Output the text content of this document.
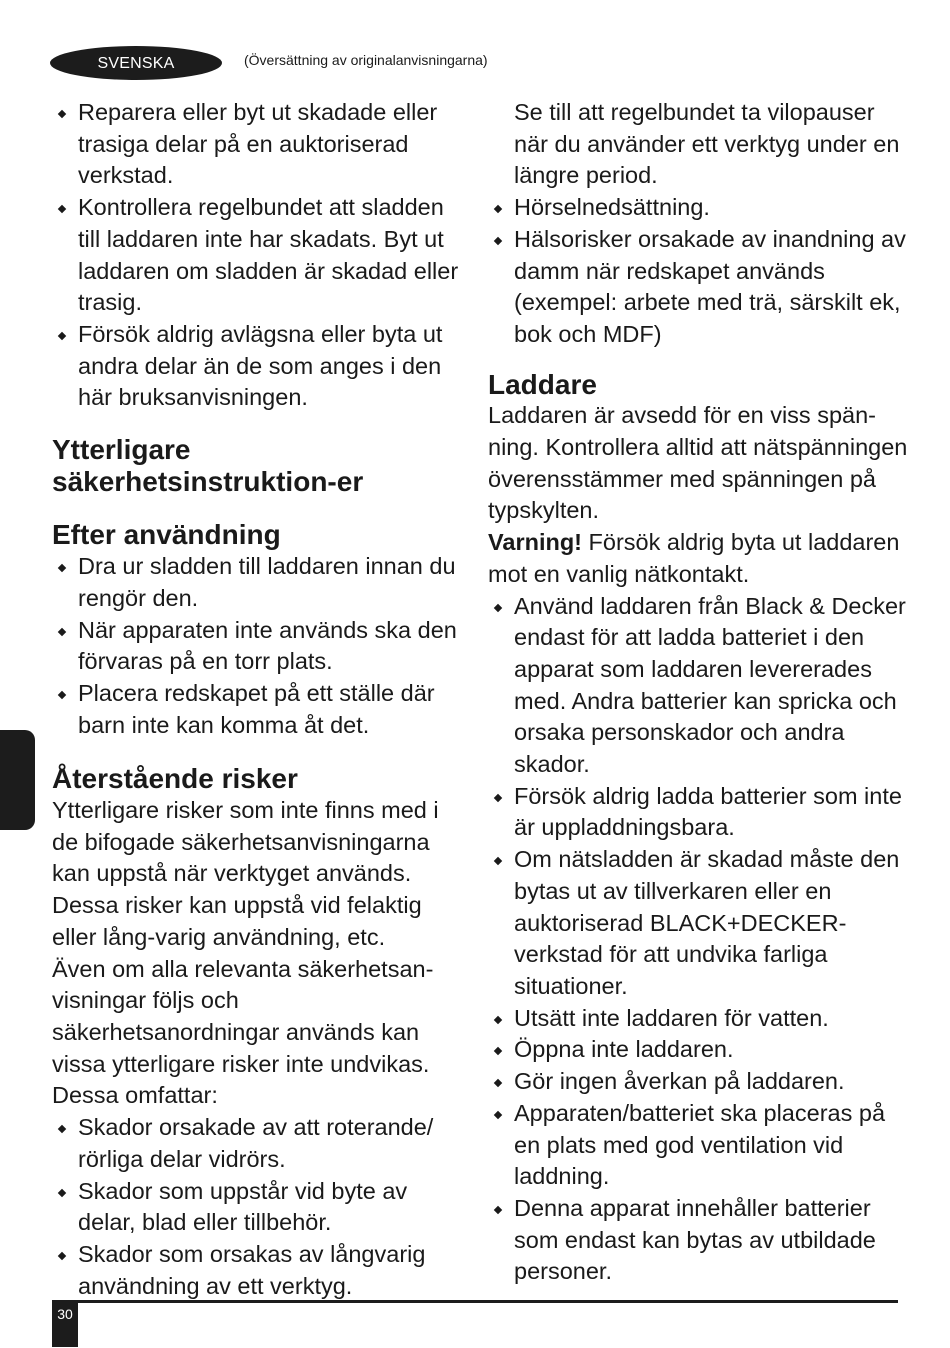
SVENSKA	(Översättning av originalanvisningarna)

Reparera eller byt ut skadade eller trasiga delar på en auktoriserad verkstad.

Kontrollera regelbundet att sladden till laddaren inte har skadats. Byt ut laddaren om sladden är skadad eller trasig.

Försök aldrig avlägsna eller byta ut andra delar än de som anges i den här bruksanvisningen.

Ytterligare säkerhetsinstruktion-er
Efter användning

Dra ur sladden till laddaren innan du rengör den.

När apparaten inte används ska den förvaras på en torr plats.

Placera redskapet på ett ställe där barn inte kan komma åt det.

Återstående risker

Ytterligare risker som inte finns med i de bifogade säkerhetsanvisningarna kan uppstå när verktyget används. Dessa risker kan uppstå vid felaktig eller lång-varig användning, etc.

Även om alla relevanta säkerhetsan-visningar följs och säkerhetsanordningar används kan vissa ytterligare risker inte undvikas. Dessa omfattar:

Skador orsakade av att roterande/ rörliga delar vidrörs.

Skador som uppstår vid byte av delar, blad eller tillbehör.

Skador som orsakas av långvarig användning av ett verktyg.

Se till att regelbundet ta vilopauser när du använder ett verktyg under en längre period.

Hörselnedsättning.

Hälsorisker orsakade av inandning av damm när redskapet används (exempel: arbete med trä, särskilt ek, bok och MDF)

Laddare

Laddaren är avsedd för en viss spän-ning. Kontrollera alltid att nätspänningen överensstämmer med spänningen på typskylten.

Varning! Försök aldrig byta ut laddaren mot en vanlig nätkontakt.

Använd laddaren från Black & Decker endast för att ladda batteriet i den apparat som laddaren levererades med. Andra batterier kan spricka och orsaka personskador och andra skador.

Försök aldrig ladda batterier som inte är uppladdningsbara.

Om nätsladden är skadad måste den bytas ut av tillverkaren eller en auktoriserad BLACK+DECKER-verkstad för att undvika farliga situationer.

Utsätt inte laddaren för vatten.

Öppna inte laddaren.

Gör ingen åverkan på laddaren.

Apparaten/batteriet ska placeras på en plats med god ventilation vid laddning.

Denna apparat innehåller batterier som endast kan bytas av utbildade personer.

30
